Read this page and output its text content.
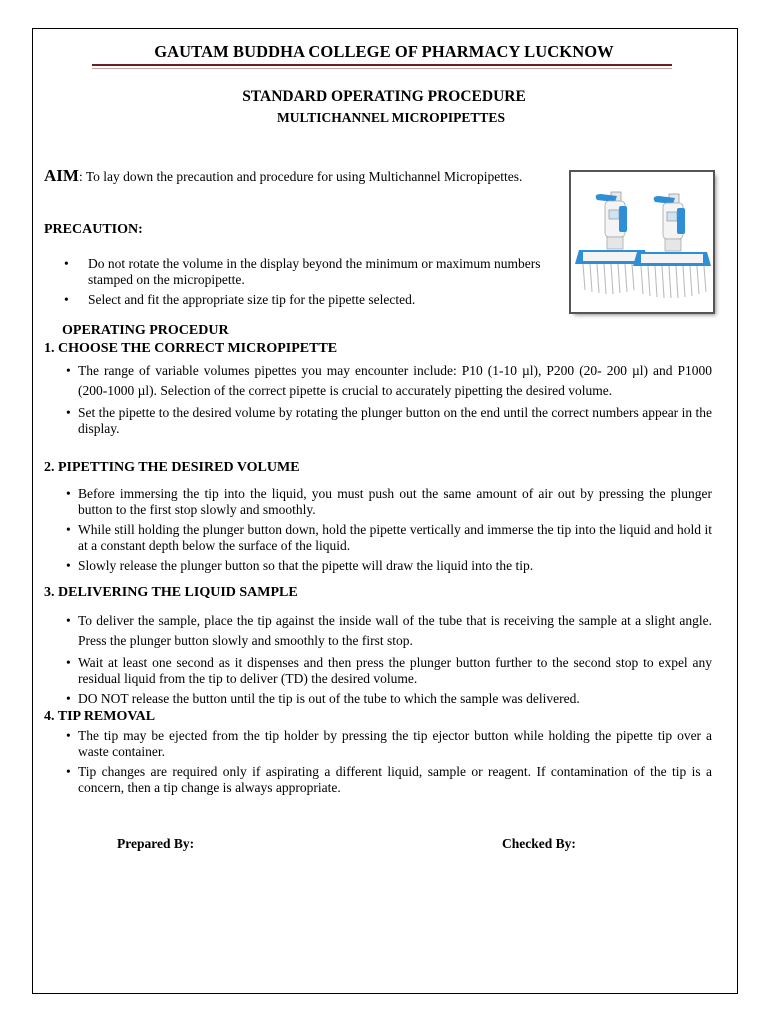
GAUTAM BUDDHA COLLEGE OF PHARMACY LUCKNOW
STANDARD OPERATING PROCEDURE
MULTICHANNEL MICROPIPETTES
AIM: To lay down the precaution and procedure for using Multichannel Micropipettes.
PRECAUTION:
• Do not rotate the volume in the display beyond the minimum or maximum numbers stamped on the micropipette.
• Select and fit the appropriate size tip for the pipette selected.
OPERATING PROCEDUR
1. CHOOSE THE CORRECT MICROPIPETTE
• The range of variable volumes pipettes you may encounter include: P10 (1-10 µl), P200 (20- 200 µl) and P1000 (200-1000 µl). Selection of the correct pipette is crucial to accurately pipetting the desired volume.
• Set the pipette to the desired volume by rotating the plunger button on the end until the correct numbers appear in the display.
2. PIPETTING THE DESIRED VOLUME
• Before immersing the tip into the liquid, you must push out the same amount of air out by pressing the plunger button to the first stop slowly and smoothly.
• While still holding the plunger button down, hold the pipette vertically and immerse the tip into the liquid and hold it at a constant depth below the surface of the liquid.
• Slowly release the plunger button so that the pipette will draw the liquid into the tip.
3. DELIVERING THE LIQUID SAMPLE
• To deliver the sample, place the tip against the inside wall of the tube that is receiving the sample at a slight angle. Press the plunger button slowly and smoothly to the first stop.
• Wait at least one second as it dispenses and then press the plunger button further to the second stop to expel any residual liquid from the tip to deliver (TD) the desired volume.
• DO NOT release the button until the tip is out of the tube to which the sample was delivered.
4. TIP REMOVAL
• The tip may be ejected from the tip holder by pressing the tip ejector button while holding the pipette tip over a waste container.
• Tip changes are required only if aspirating a different liquid, sample or reagent. If contamination of the tip is a concern, then a tip change is always appropriate.
Prepared By:	Checked By:
